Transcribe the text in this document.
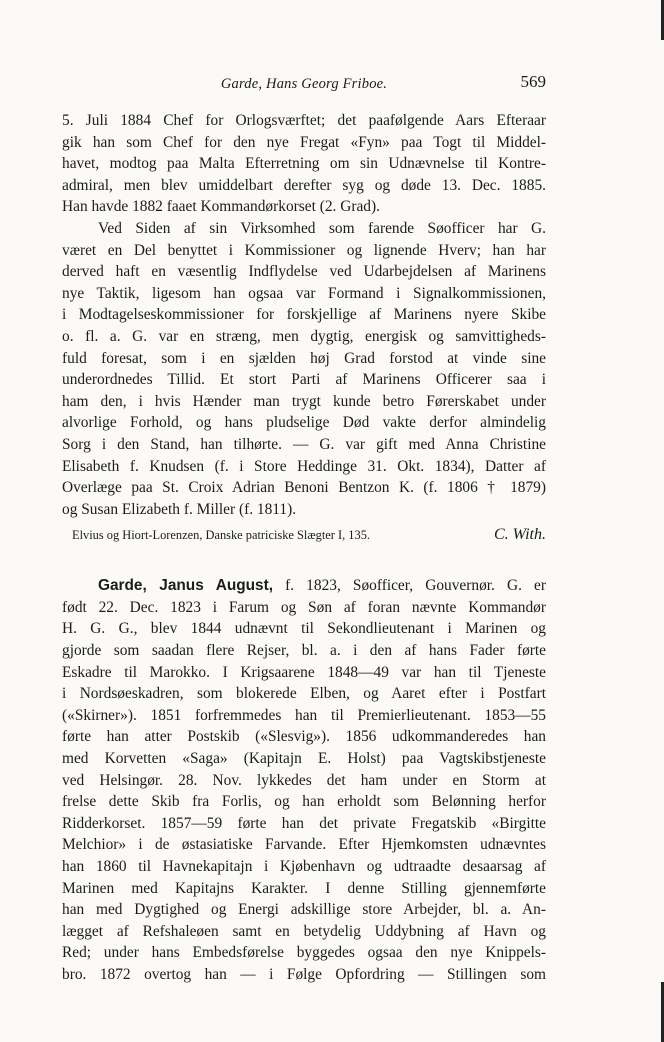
Garde, Hans Georg Friboe.	569
5. Juli 1884 Chef for Orlogsværftet; det paafølgende Aars Efteraar
gik han som Chef for den nye Fregat «Fyn» paa Togt til Middel-
havet, modtog paa Malta Efterretning om sin Udnævnelse til Kontre-
admiral, men blev umiddelbart derefter syg og døde 13. Dec. 1885.
Han havde 1882 faaet Kommandørkorset (2. Grad).
Ved Siden af sin Virksomhed som farende Søofficer har G.
været en Del benyttet i Kommissioner og lignende Hverv; han har
derved haft en væsentlig Indflydelse ved Udarbejdelsen af Marinens
nye Taktik, ligesom han ogsaa var Formand i Signalkommissionen,
i Modtagelseskommissioner for forskjellige af Marinens nyere Skibe
o. fl. a. G. var en stræng, men dygtig, energisk og samvittigheds-
fuld foresat, som i en sjælden høj Grad forstod at vinde sine
underordnedes Tillid. Et stort Parti af Marinens Officerer saa i
ham den, i hvis Hænder man trygt kunde betro Førerskabet under
alvorlige Forhold, og hans pludselige Død vakte derfor almindelig
Sorg i den Stand, han tilhørte. — G. var gift med Anna Christine
Elisabeth f. Knudsen (f. i Store Heddinge 31. Okt. 1834), Datter af
Overlæge paa St. Croix Adrian Benoni Bentzon K. (f. 1806 † 1879)
og Susan Elizabeth f. Miller (f. 1811).
Elvius og Hiort-Lorenzen, Danske patriciske Slægter I, 135.	C. With.
Garde, Janus August, f. 1823, Søofficer, Gouvernør. G. er
født 22. Dec. 1823 i Farum og Søn af foran nævnte Kommandør
H. G. G., blev 1844 udnævnt til Sekondlieutenant i Marinen og
gjorde som saadan flere Rejser, bl. a. i den af hans Fader førte
Eskadre til Marokko. I Krigsaarene 1848—49 var han til Tjeneste
i Nordsøeskadren, som blokerede Elben, og Aaret efter i Postfart
(«Skirner»). 1851 forfremmedes han til Premierlieutenant. 1853—55
førte han atter Postskib («Slesvig»). 1856 udkommanderedes han
med Korvetten «Saga» (Kapitajn E. Holst) paa Vagtskibstjeneste
ved Helsingør. 28. Nov. lykkedes det ham under en Storm at
frelse dette Skib fra Forlis, og han erholdt som Belønning herfor
Ridderkorset. 1857—59 førte han det private Fregatskib «Birgitte
Melchior» i de østasiatiske Farvande. Efter Hjemkomsten udnævntes
han 1860 til Havnekapitajn i Kjøbenhavn og udtraadte desaarsag af
Marinen med Kapitajns Karakter. I denne Stilling gjennemførte
han med Dygtighed og Energi adskillige store Arbejder, bl. a. An-
lægget af Refshaleøen samt en betydelig Uddybning af Havn og
Red; under hans Embedsførelse byggedes ogsaa den nye Knippels-
bro. 1872 overtog han — i Følge Opfordring — Stillingen som
